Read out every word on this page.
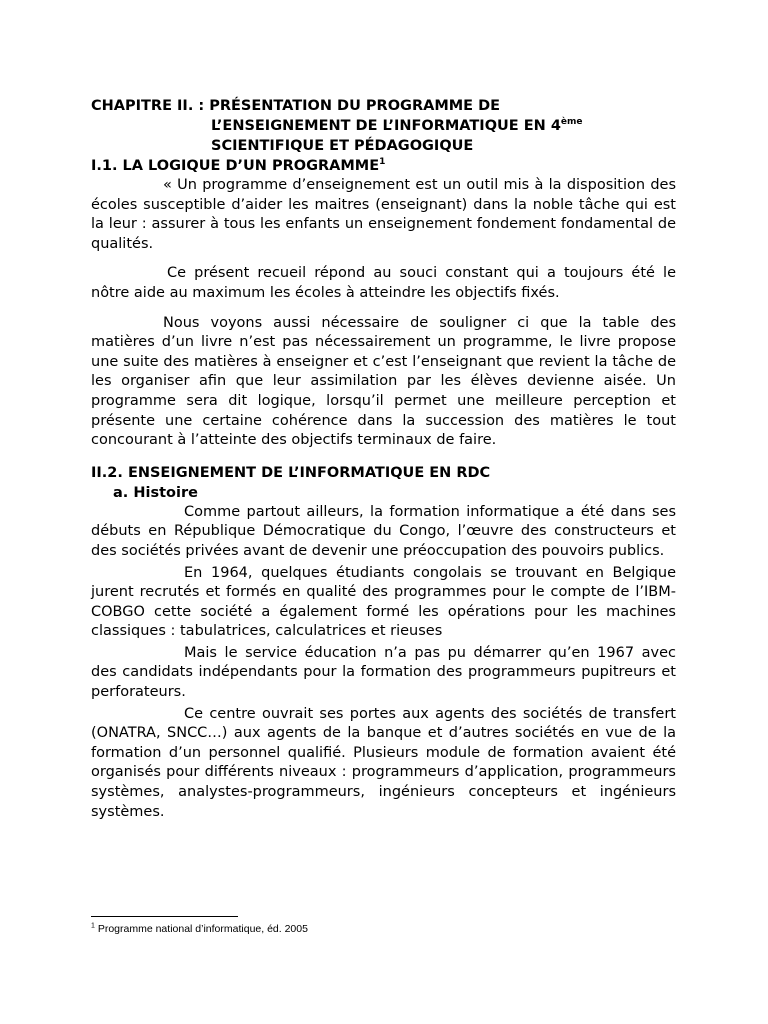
CHAPITRE II. : PRÉSENTATION DU PROGRAMME DE
L’ENSEIGNEMENT DE L’INFORMATIQUE EN 4ème
SCIENTIFIQUE ET PÉDAGOGIQUE
I.1. LA LOGIQUE D’UN PROGRAMME$^1$

« Un programme d’enseignement est un outil mis à la disposition des écoles susceptible d’aider les maitres (enseignant) dans la noble tâche qui est la leur : assurer à tous les enfants un enseignement fondement fondamental de qualités.

Ce présent recueil répond au souci constant qui a toujours été le nôtre aide au maximum les écoles à atteindre les objectifs fixés.

Nous voyons aussi nécessaire de souligner ci que la table des matières d’un livre n’est pas nécessairement un programme, le livre propose une suite des matières à enseigner et c’est l’enseignant que revient la tâche de les organiser afin que leur assimilation par les élèves devienne aisée. Un programme sera dit logique, lorsqu’il permet une meilleure perception et présente une certaine cohérence dans la succession des matières le tout concourant à l’atteinte des objectifs terminaux de faire.

II.2. ENSEIGNEMENT DE L’INFORMATIQUE EN RDC
a. Histoire

Comme partout ailleurs, la formation informatique a été dans ses débuts en République Démocratique du Congo, l’œuvre des constructeurs et des sociétés privées avant de devenir une préoccupation des pouvoirs publics.

En 1964, quelques étudiants congolais se trouvant en Belgique jurent recrutés et formés en qualité des programmes pour le compte de l’IBM-COBGO cette société a également formé les opérations pour les machines classiques : tabulatrices, calculatrices et rieuses

Mais le service éducation n’a pas pu démarrer qu’en 1967 avec des candidats indépendants pour la formation des programmeurs pupitreurs et perforateurs.

Ce centre ouvrait ses portes aux agents des sociétés de transfert (ONATRA, SNCC…) aux agents de la banque et d’autres sociétés en vue de la formation d’un personnel qualifié. Plusieurs module de formation avaient été organisés pour différents niveaux : programmeurs d’application, programmeurs systèmes, analystes-programmeurs, ingénieurs concepteurs et ingénieurs systèmes.

$^1$ Programme national d’informatique, éd. 2005
